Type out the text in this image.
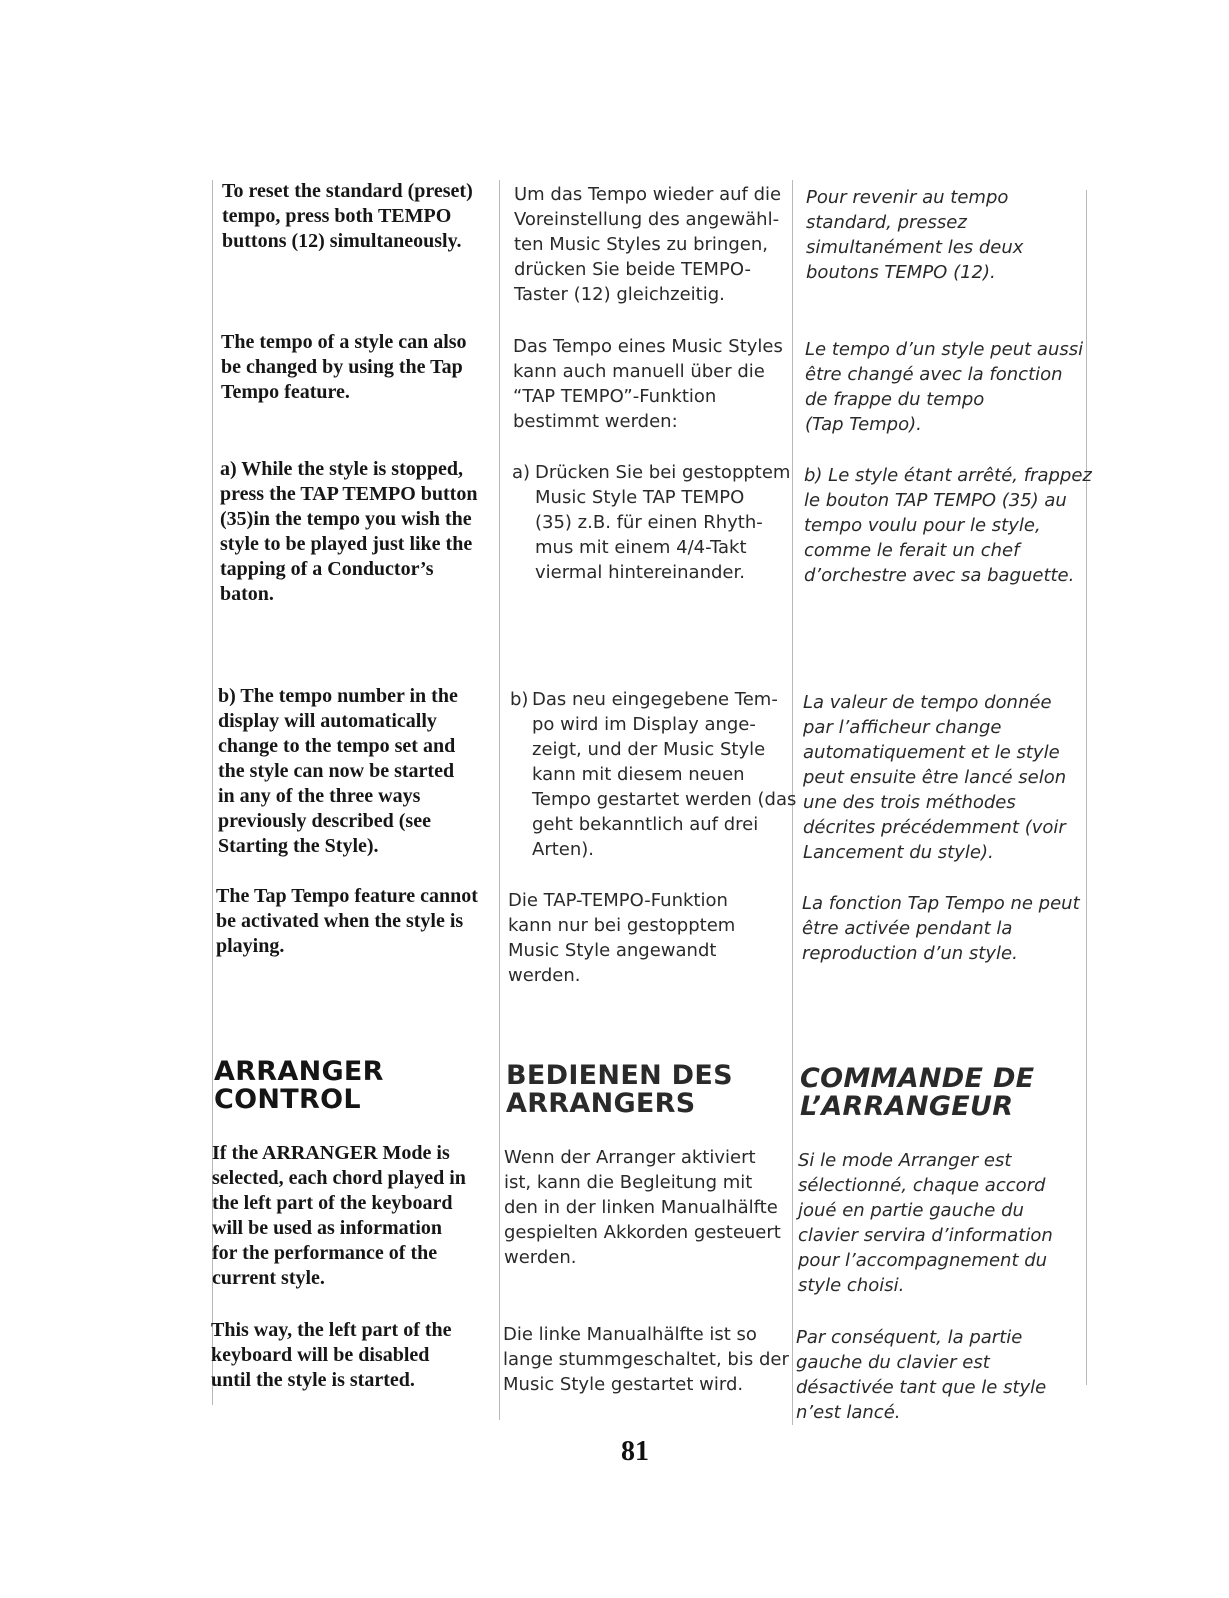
To reset the standard (preset)
tempo, press both TEMPO
buttons (12) simultaneously.

Um das Tempo wieder auf die
Voreinstellung des angewähl-
ten Music Styles zu bringen,
drücken Sie beide TEMPO-
Taster (12) gleichzeitig.

Pour revenir au tempo
standard, pressez
simultanément les deux
boutons TEMPO (12).

The tempo of a style can also
be changed by using the Tap
Tempo feature.

Das Tempo eines Music Styles
kann auch manuell über die
“TAP TEMPO”-Funktion
bestimmt werden:

Le tempo d’un style peut aussi
être changé avec la fonction
de frappe du tempo
(Tap Tempo).

a) While the style is stopped,
press the TAP TEMPO button
(35)in the tempo you wish the
style to be played just like the
tapping of a Conductor’s
baton.

a) Drücken Sie bei gestopptem
Music Style TAP TEMPO
(35) z.B. für einen Rhyth-
mus mit einem 4/4-Takt
viermal hintereinander.

b) Le style étant arrêté, frappez
le bouton TAP TEMPO (35) au
tempo voulu pour le style,
comme le ferait un chef
d’orchestre avec sa baguette.

b) The tempo number in the
display will automatically
change to the tempo set and
the style can now be started
in any of the three ways
previously described (see
Starting the Style).

b) Das neu eingegebene Tem-
po wird im Display ange-
zeigt, und der Music Style
kann mit diesem neuen
Tempo gestartet werden (das
geht bekanntlich auf drei
Arten).

La valeur de tempo donnée
par l’afficheur change
automatiquement et le style
peut ensuite être lancé selon
une des trois méthodes
décrites précédemment (voir
Lancement du style).

The Tap Tempo feature cannot
be activated when the style is
playing.

Die TAP-TEMPO-Funktion
kann nur bei gestopptem
Music Style angewandt
werden.

La fonction Tap Tempo ne peut
être activée pendant la
reproduction d’un style.

ARRANGER
CONTROL
BEDIENEN DES
ARRANGERS
COMMANDE DE
L’ARRANGEUR

If the ARRANGER Mode is
selected, each chord played in
the left part of the keyboard
will be used as information
for the performance of the
current style.

Wenn der Arranger aktiviert
ist, kann die Begleitung mit
den in der linken Manualhälfte
gespielten Akkorden gesteuert
werden.

Si le mode Arranger est
sélectionné, chaque accord
joué en partie gauche du
clavier servira d’information
pour l’accompagnement du
style choisi.

This way, the left part of the
keyboard will be disabled
until the style is started.

Die linke Manualhälfte ist so
lange stummgeschaltet, bis der
Music Style gestartet wird.

Par conséquent, la partie
gauche du clavier est
désactivée tant que le style
n’est lancé.

81
